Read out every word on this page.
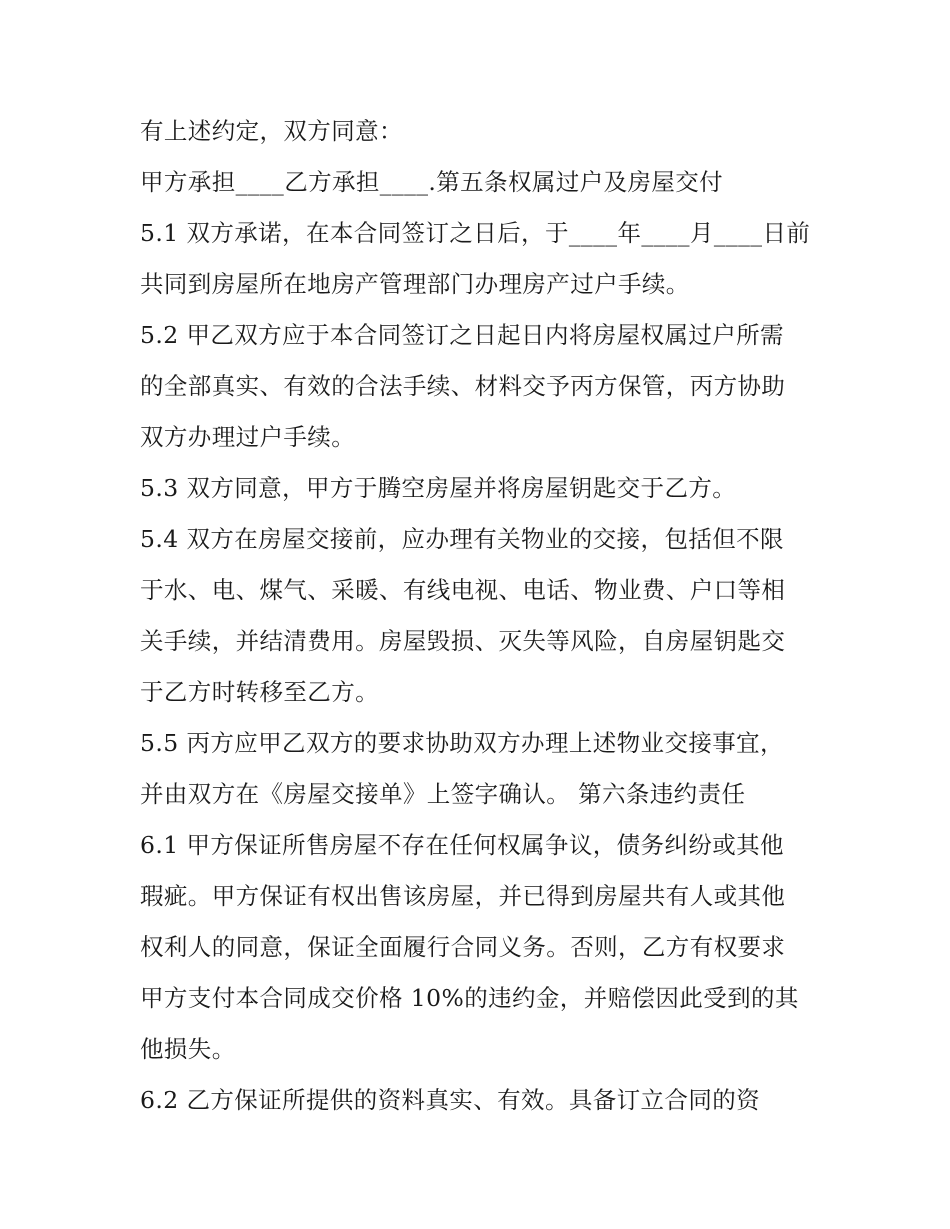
有上述约定，双方同意：
甲方承担____乙方承担____.第五条权属过户及房屋交付
5.1 双方承诺，在本合同签订之日后，于____年____月____日前
共同到房屋所在地房产管理部门办理房产过户手续。
5.2 甲乙双方应于本合同签订之日起日内将房屋权属过户所需
的全部真实、有效的合法手续、材料交予丙方保管，丙方协助
双方办理过户手续。
5.3 双方同意，甲方于腾空房屋并将房屋钥匙交于乙方。
5.4 双方在房屋交接前，应办理有关物业的交接，包括但不限
于水、电、煤气、采暖、有线电视、电话、物业费、户口等相
关手续，并结清费用。房屋毁损、灭失等风险，自房屋钥匙交
于乙方时转移至乙方。
5.5 丙方应甲乙双方的要求协助双方办理上述物业交接事宜，
并由双方在《房屋交接单》上签字确认。 第六条违约责任
6.1 甲方保证所售房屋不存在任何权属争议，债务纠纷或其他
瑕疵。甲方保证有权出售该房屋，并已得到房屋共有人或其他
权利人的同意，保证全面履行合同义务。否则，乙方有权要求
甲方支付本合同成交价格 10%的违约金，并赔偿因此受到的其
他损失。
6.2 乙方保证所提供的资料真实、有效。具备订立合同的资
